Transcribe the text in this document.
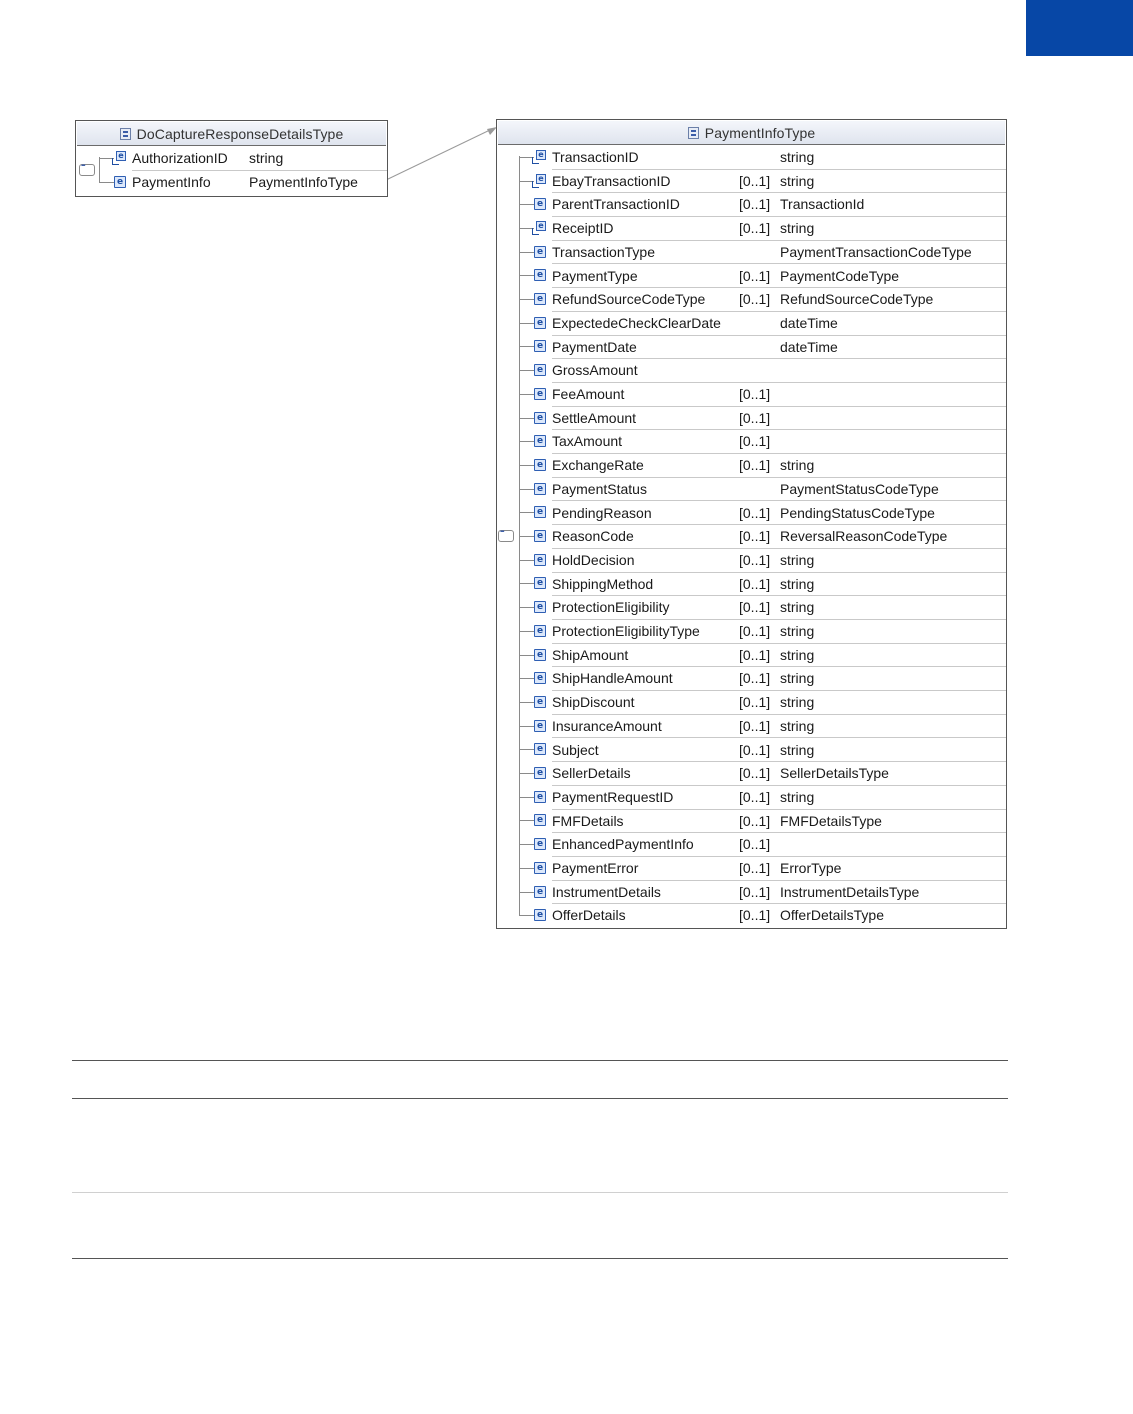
DoCaptureResponseDetailsType
e AuthorizationID string
e PaymentInfo	PaymentInfoType
▪▪▪
PaymentInfoType
e TransactionID	string
e EbayTransactionID	[0..1] string
e ParentTransactionID	[0..1] TransactionId
e ReceiptID	[0..1] string
e TransactionType	PaymentTransactionCodeType
e PaymentType	[0..1] PaymentCodeType
e RefundSourceCodeType [0..1] RefundSourceCodeType
e ExpectedeCheckClearDate	dateTime
e PaymentDate	dateTime
e GrossAmount
e FeeAmount	[0..1]
e SettleAmount	[0..1]
e TaxAmount	[0..1]
e ExchangeRate	[0..1] string
e PaymentStatus	PaymentStatusCodeType
e PendingReason	[0..1] PendingStatusCodeType
e ReasonCode	[0..1] ReversalReasonCodeType
e HoldDecision	[0..1] string
e ShippingMethod	[0..1] string
e ProtectionEligibility	[0..1] string
e ProtectionEligibilityType	[0..1] string
e ShipAmount	[0..1] string
e ShipHandleAmount	[0..1] string
e ShipDiscount	[0..1] string
e InsuranceAmount	[0..1] string
e Subject	[0..1] string
e SellerDetails	[0..1] SellerDetailsType
e PaymentRequestID	[0..1] string
e FMFDetails	[0..1] FMFDetailsType
e EnhancedPaymentInfo	[0..1]
e PaymentError	[0..1] ErrorType
e InstrumentDetails	[0..1] InstrumentDetailsType
e OfferDetails	[0..1] OfferDetailsType
▪▪▪
